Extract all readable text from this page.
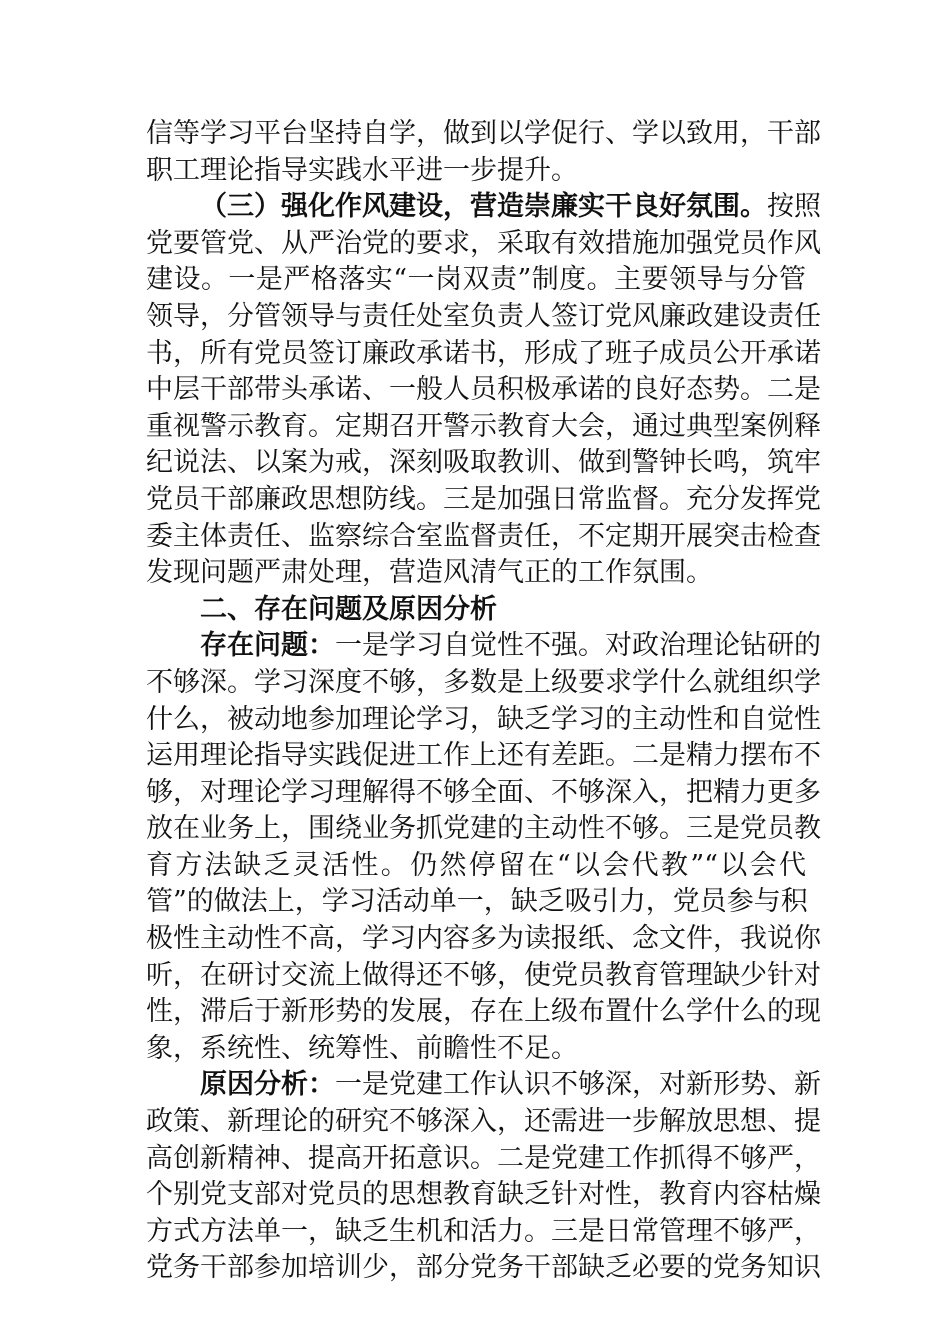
信等学习平台坚持自学，做到以学促行、学以致用，干部
职工理论指导实践水平进一步提升。
（三）强化作风建设，营造崇廉实干良好氛围。按照
党要管党、从严治党的要求，采取有效措施加强党员作风
建设。一是严格落实“一岗双责”制度。主要领导与分管
领导，分管领导与责任处室负责人签订党风廉政建设责任
书，所有党员签订廉政承诺书，形成了班子成员公开承诺
中层干部带头承诺、一般人员积极承诺的良好态势。二是
重视警示教育。定期召开警示教育大会，通过典型案例释
纪说法、以案为戒，深刻吸取教训、做到警钟长鸣，筑牢
党员干部廉政思想防线。三是加强日常监督。充分发挥党
委主体责任、监察综合室监督责任，不定期开展突击检查
发现问题严肃处理，营造风清气正的工作氛围。
二、存在问题及原因分析
存在问题：一是学习自觉性不强。对政治理论钻研的
不够深。学习深度不够，多数是上级要求学什么就组织学
什么，被动地参加理论学习，缺乏学习的主动性和自觉性
运用理论指导实践促进工作上还有差距。二是精力摆布不
够，对理论学习理解得不够全面、不够深入，把精力更多
放在业务上，围绕业务抓党建的主动性不够。三是党员教
育方法缺乏灵活性。仍然停留在“以会代教”“以会代
管”的做法上，学习活动单一，缺乏吸引力，党员参与积
极性主动性不高，学习内容多为读报纸、念文件，我说你
听，在研讨交流上做得还不够，使党员教育管理缺少针对
性，滞后于新形势的发展，存在上级布置什么学什么的现
象，系统性、统筹性、前瞻性不足。
原因分析：一是党建工作认识不够深，对新形势、新
政策、新理论的研究不够深入，还需进一步解放思想、提
高创新精神、提高开拓意识。二是党建工作抓得不够严，
个别党支部对党员的思想教育缺乏针对性，教育内容枯燥
方式方法单一，缺乏生机和活力。三是日常管理不够严，
党务干部参加培训少，部分党务干部缺乏必要的党务知识
